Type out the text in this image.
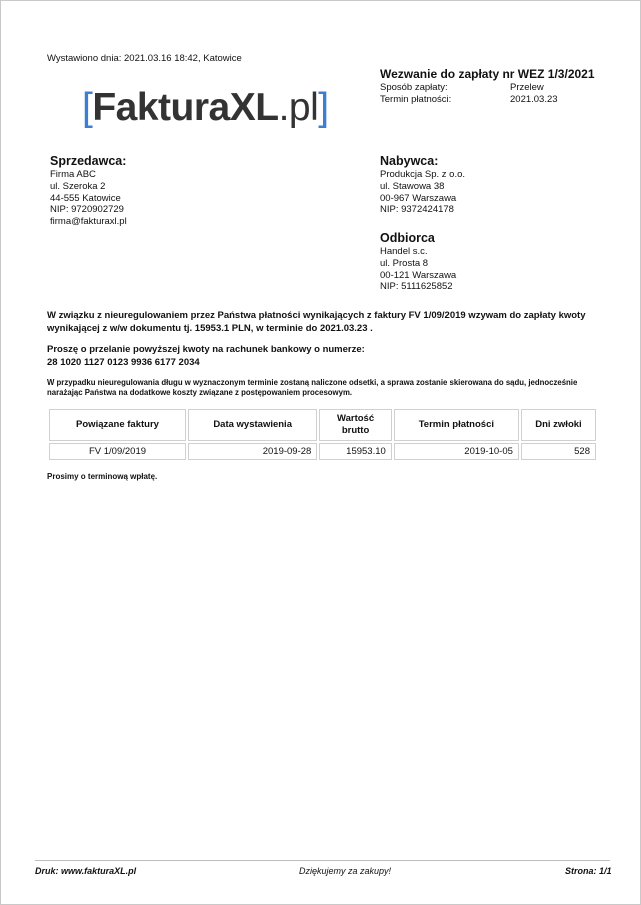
Wystawiono dnia: 2021.03.16 18:42, Katowice
Wezwanie do zapłaty nr WEZ 1/3/2021
Sposób zapłaty:	Przelew
Termin płatności:	2021.03.23
[FakturaXL.pl]
Sprzedawca:
Firma ABC
ul. Szeroka 2
44-555 Katowice
NIP: 9720902729
firma@fakturaxl.pl
Nabywca:
Produkcja Sp. z o.o.
ul. Stawowa 38
00-967 Warszawa
NIP: 9372424178
Odbiorca
Handel s.c.
ul. Prosta 8
00-121 Warszawa
NIP: 5111625852
W związku z nieuregulowaniem przez Państwa płatności wynikających z faktury FV 1/09/2019 wzywam do zapłaty kwoty
wynikającej z w/w dokumentu tj. 15953.1 PLN, w terminie do 2021.03.23 .
Proszę o przelanie powyższej kwoty na rachunek bankowy o numerze:
28 1020 1127 0123 9936 6177 2034
W przypadku nieuregulowania długu w wyznaczonym terminie zostaną naliczone odsetki, a sprawa zostanie skierowana do sądu, jednocześnie
narażając Państwa na dodatkowe koszty związane z postępowaniem procesowym.
Powiązane faktury	Data wystawienia	Wartość brutto	Termin płatności	Dni zwłoki
FV 1/09/2019	2019-09-28	15953.10	2019-10-05	528
Prosimy o terminową wpłatę.
Druk: www.fakturaXL.pl	Dziękujemy za zakupy!	Strona: 1/1
